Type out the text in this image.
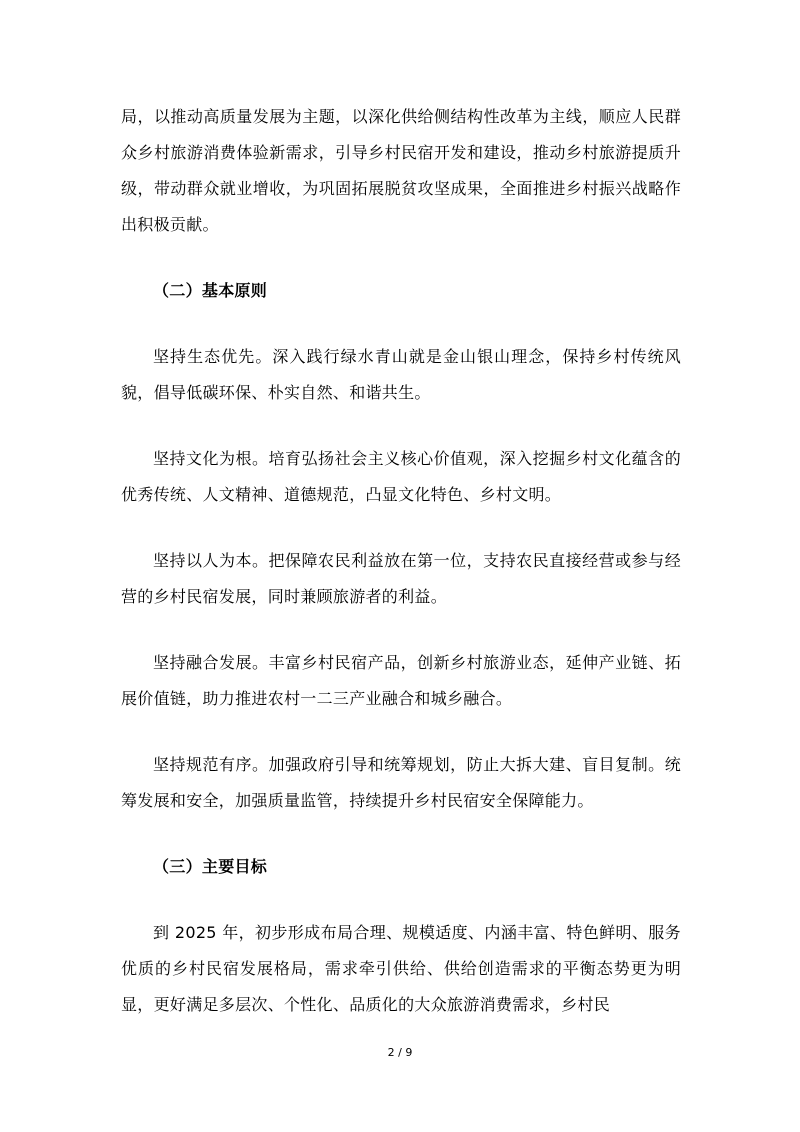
局，以推动高质量发展为主题，以深化供给侧结构性改革为主线，顺应人民群众乡村旅游消费体验新需求，引导乡村民宿开发和建设，推动乡村旅游提质升级，带动群众就业增收，为巩固拓展脱贫攻坚成果，全面推进乡村振兴战略作出积极贡献。

（二）基本原则

坚持生态优先。深入践行绿水青山就是金山银山理念，保持乡村传统风貌，倡导低碳环保、朴实自然、和谐共生。

坚持文化为根。培育弘扬社会主义核心价值观，深入挖掘乡村文化蕴含的优秀传统、人文精神、道德规范，凸显文化特色、乡村文明。

坚持以人为本。把保障农民利益放在第一位，支持农民直接经营或参与经营的乡村民宿发展，同时兼顾旅游者的利益。

坚持融合发展。丰富乡村民宿产品，创新乡村旅游业态，延伸产业链、拓展价值链，助力推进农村一二三产业融合和城乡融合。

坚持规范有序。加强政府引导和统筹规划，防止大拆大建、盲目复制。统筹发展和安全，加强质量监管，持续提升乡村民宿安全保障能力。

（三）主要目标

到 2025 年，初步形成布局合理、规模适度、内涵丰富、特色鲜明、服务优质的乡村民宿发展格局，需求牵引供给、供给创造需求的平衡态势更为明显，更好满足多层次、个性化、品质化的大众旅游消费需求，乡村民

2 / 9
